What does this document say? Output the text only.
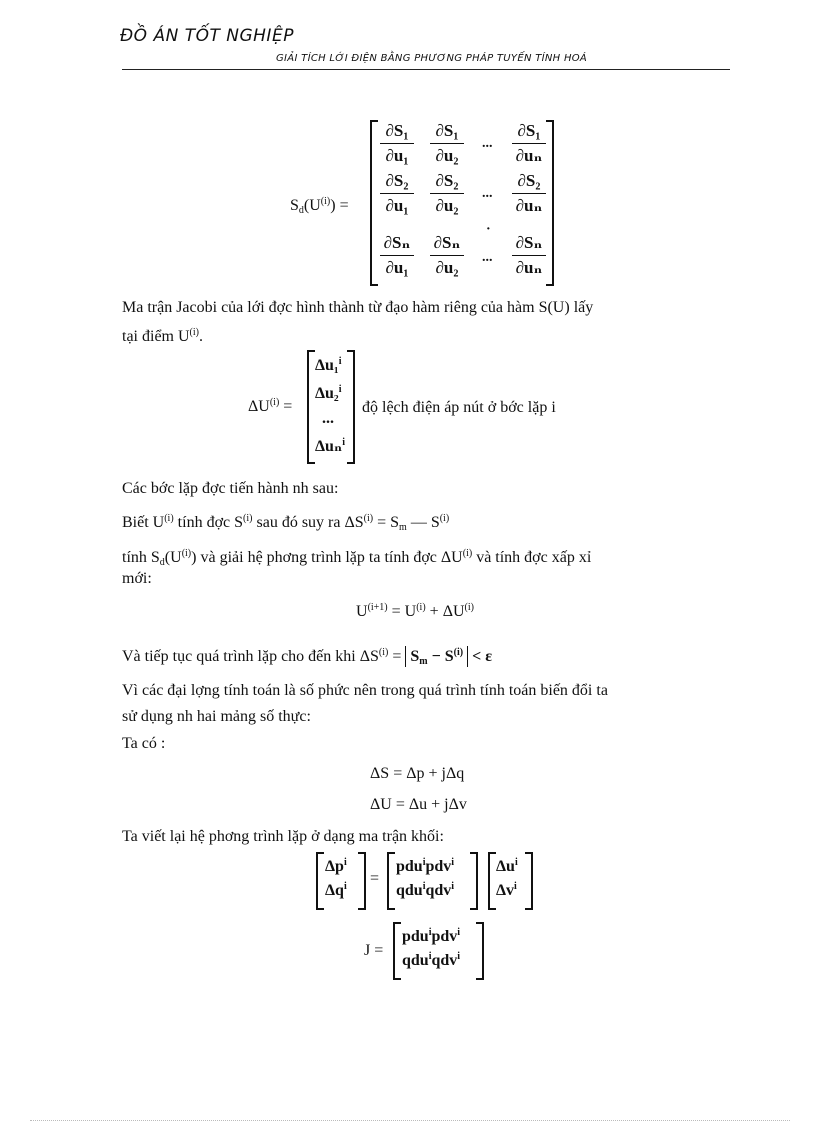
ĐỒ ÁN TỐT NGHIỆP
GIẢI TÍCH LỚI ĐIỆN BẰNG PHƯƠNG PHÁP TUYẾN TÍNH HOÁ
$S_d(U^{(i)})$ =
∂S₁
∂u₁
∂S₁
∂u₂
...
∂S₁
∂uₙ
∂S₂
∂u₁
∂S₂
∂u₂
...
∂S₂
∂uₙ
·
∂Sₙ
∂u₁
∂Sₙ
∂u₂
...
∂Sₙ
∂uₙ
Ma trận Jacobi của lới đợc hình thành từ đạo hàm riêng của hàm S(U) lấy
tại điểm $U^{(i)}$.
$\Delta U^{(i)}$ =
Δu₁$^i$
Δu₂$^i$
...
Δuₙ$^i$
độ lệch điện áp nút ở bớc lặp i
Các bớc lặp đợc tiến hành nh sau:
Biết $U^{(i)}$ tính đợc $S^{(i)}$ sau đó suy ra $\Delta S^{(i)} = S_m$ — $S^{(i)}$
tính $S_d(U^{(i)})$ và giải hệ phơng trình lặp ta tính đợc ΔU$^{(i)}$ và tính đợc xấp xỉ
mới:
$U^{(i+1)} = U^{(i)} + \Delta U^{(i)}$
Và tiếp tục quá trình lặp cho đến khi $\Delta S^{(i)} = S_m - S^{(i)} < \varepsilon$
Vì các đại lợng tính toán là số phức nên trong quá trình tính toán biến đổi ta
sử dụng nh hai mảng số thực:
Ta có :
ΔS = Δp + jΔq
ΔU = Δu + jΔv
Ta viết lại hệ phơng trình lặp ở dạng ma trận khối:
$\Delta p^i$
$\Delta q^i$ =
pdu$^i$pdv$^i$
qdu$^i$qdv$^i$
$\Delta u^i$
$\Delta v^i$
J =
pdu$^i$pdv$^i$
qdu$^i$qdv$^i$
